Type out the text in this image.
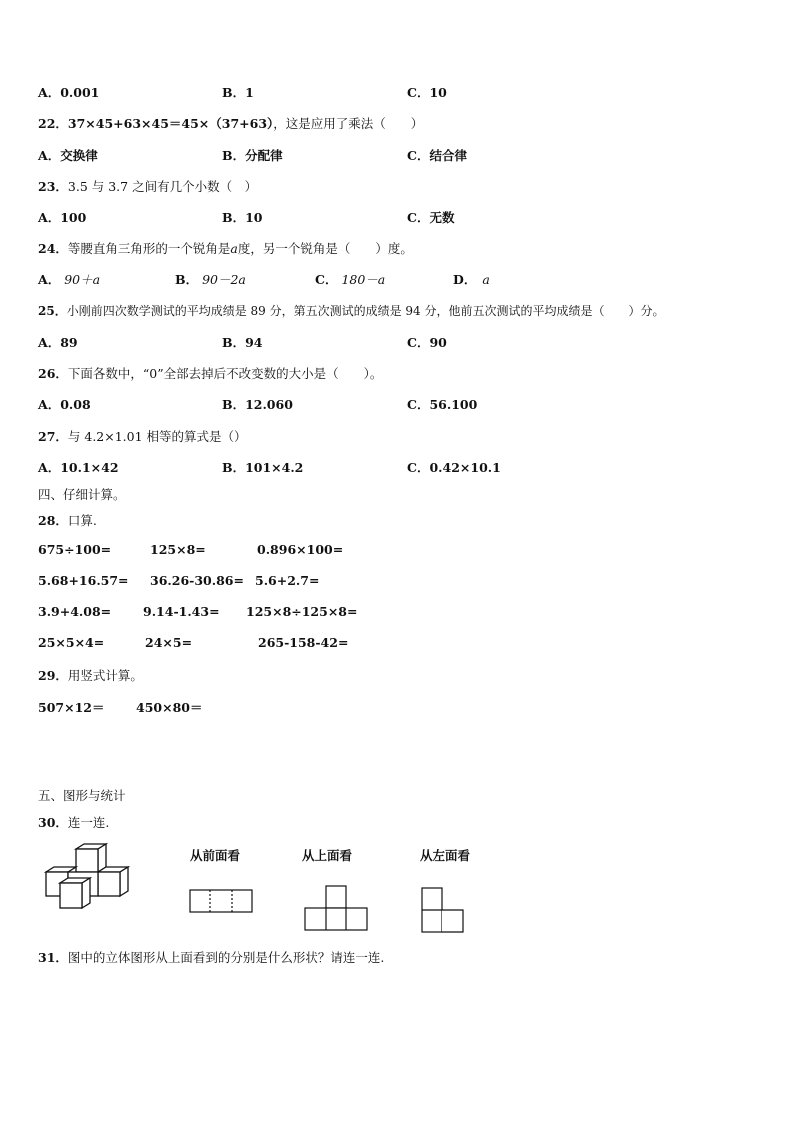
A．0.001	B．1	C．10
22．37×45+63×45＝45×（37+63），这是应用了乘法（　　）
A．交换律	B．分配律	C．结合律
23．3.5 与 3.7 之间有几个小数（　）
A．100	B．10	C．无数
24．等腰直角三角形的一个锐角是a度，另一个锐角是（　　）度。
A． 90＋a	B． 90－2a	C． 180－a	D． a
25．小刚前四次数学测试的平均成绩是 89 分，第五次测试的成绩是 94 分，他前五次测试的平均成绩是（　　）分。
A．89	B．94	C．90
26．下面各数中，“0”全部去掉后不改变数的大小是（　　）。
A．0.08	B．12.060	C．56.100
27．与 4.2×1.01 相等的算式是（）
A．10.1×42	B．101×4.2	C．0.42×10.1
四、仔细计算。
28．口算.
675÷100=	125×8=	0.896×100=
5.68+16.57= 36.26-30.86= 5.6+2.7=
3.9+4.08=	9.14-1.43= 125×8÷125×8=
25×5×4=	24×5=	265-158-42=
29．用竖式计算。
507×12＝	450×80＝
五、图形与统计
30．连一连.
从前面看	从上面看	从左面看
31．图中的立体图形从上面看到的分别是什么形状？请连一连.
